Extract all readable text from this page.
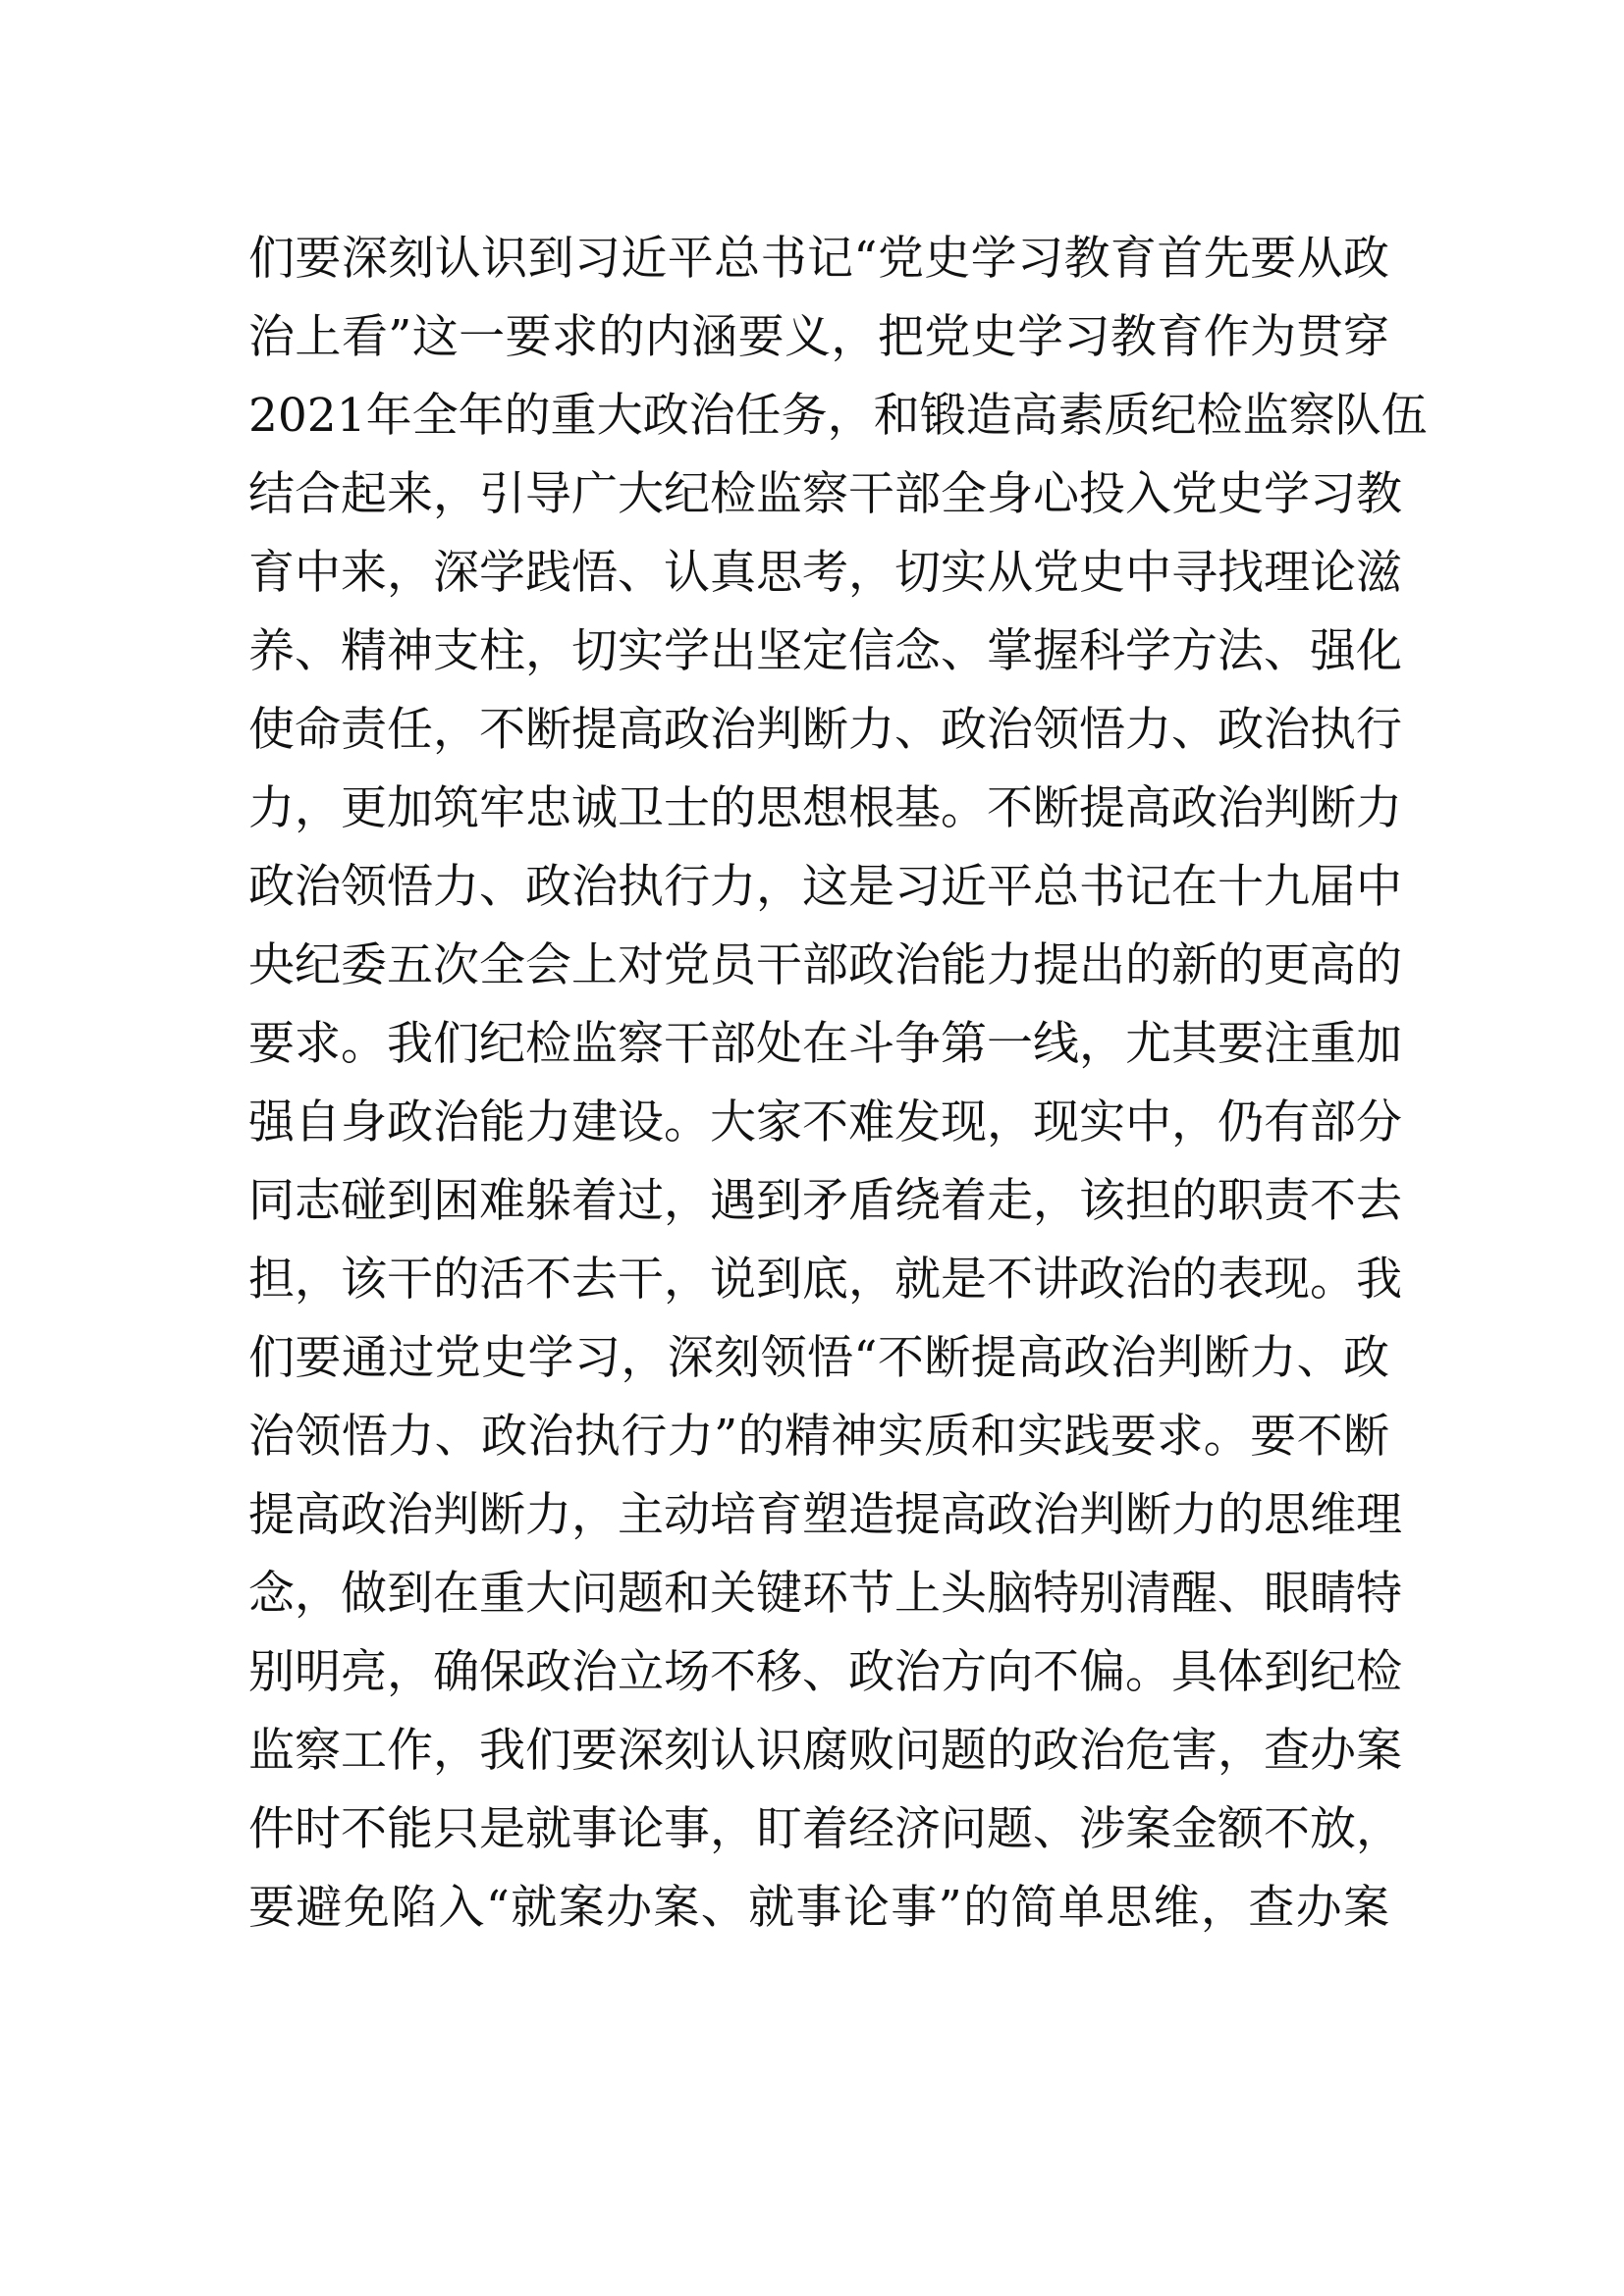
们要深刻认识到习近平总书记“党史学习教育首先要从政
治上看”这一要求的内涵要义，把党史学习教育作为贯穿
2021年全年的重大政治任务，和锻造高素质纪检监察队伍
结合起来，引导广大纪检监察干部全身心投入党史学习教
育中来，深学践悟、认真思考，切实从党史中寻找理论滋
养、精神支柱，切实学出坚定信念、掌握科学方法、强化
使命责任，不断提高政治判断力、政治领悟力、政治执行
力，更加筑牢忠诚卫士的思想根基。不断提高政治判断力
政治领悟力、政治执行力，这是习近平总书记在十九届中
央纪委五次全会上对党员干部政治能力提出的新的更高的
要求。我们纪检监察干部处在斗争第一线，尤其要注重加
强自身政治能力建设。大家不难发现，现实中，仍有部分
同志碰到困难躲着过，遇到矛盾绕着走，该担的职责不去
担，该干的活不去干，说到底，就是不讲政治的表现。我
们要通过党史学习，深刻领悟“不断提高政治判断力、政
治领悟力、政治执行力”的精神实质和实践要求。要不断
提高政治判断力，主动培育塑造提高政治判断力的思维理
念，做到在重大问题和关键环节上头脑特别清醒、眼睛特
别明亮，确保政治立场不移、政治方向不偏。具体到纪检
监察工作，我们要深刻认识腐败问题的政治危害，查办案
件时不能只是就事论事，盯着经济问题、涉案金额不放，
要避免陷入“就案办案、就事论事”的简单思维，查办案
